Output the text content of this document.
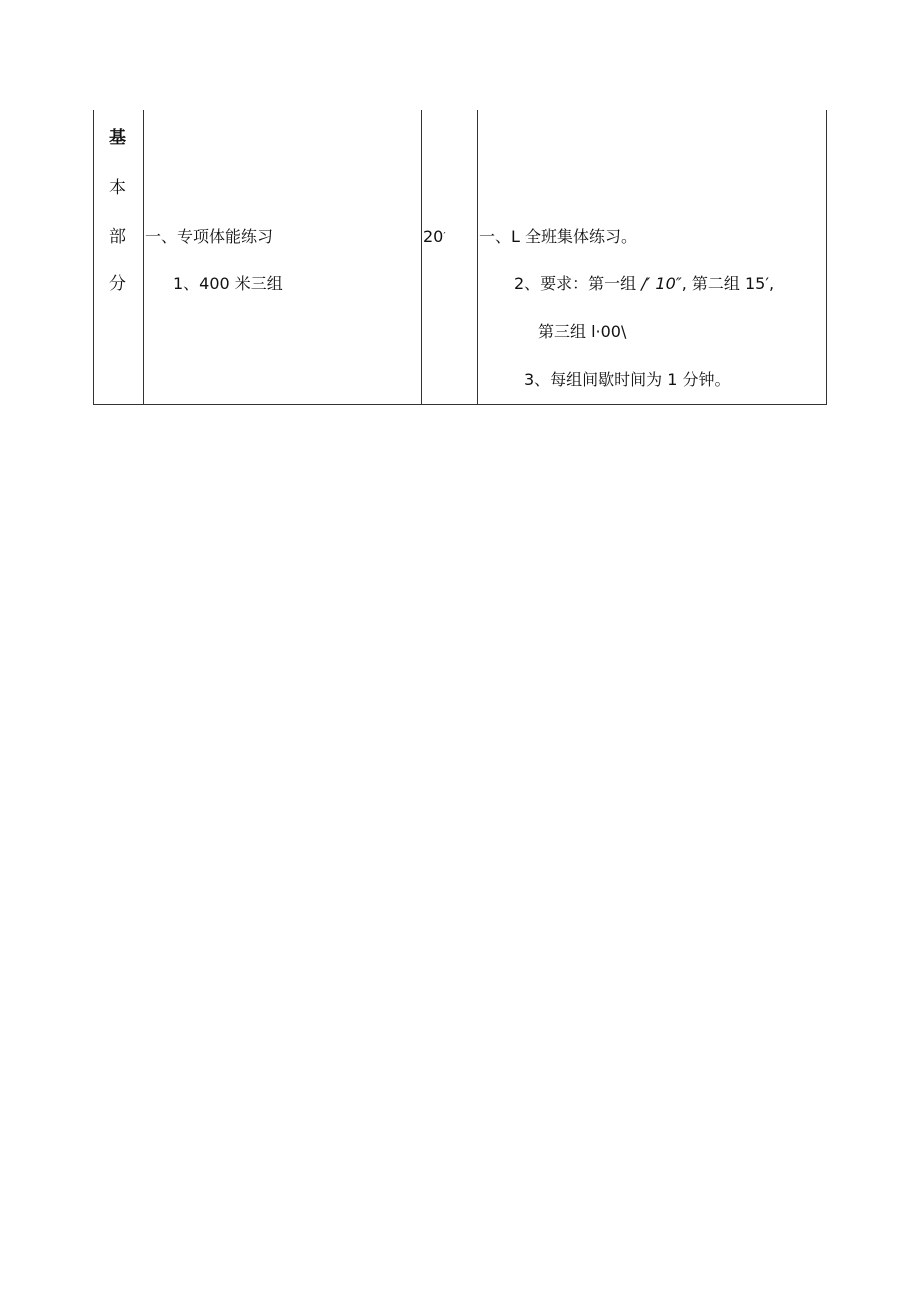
基
本
部
分
一、专项体能练习
1、400 米三组
20′ 一、L 全班集体练习。
2、要求：第一组 /′ 10″, 第二组 15′,
第三组 l·00\
3、每组间歇时间为 1 分钟。
